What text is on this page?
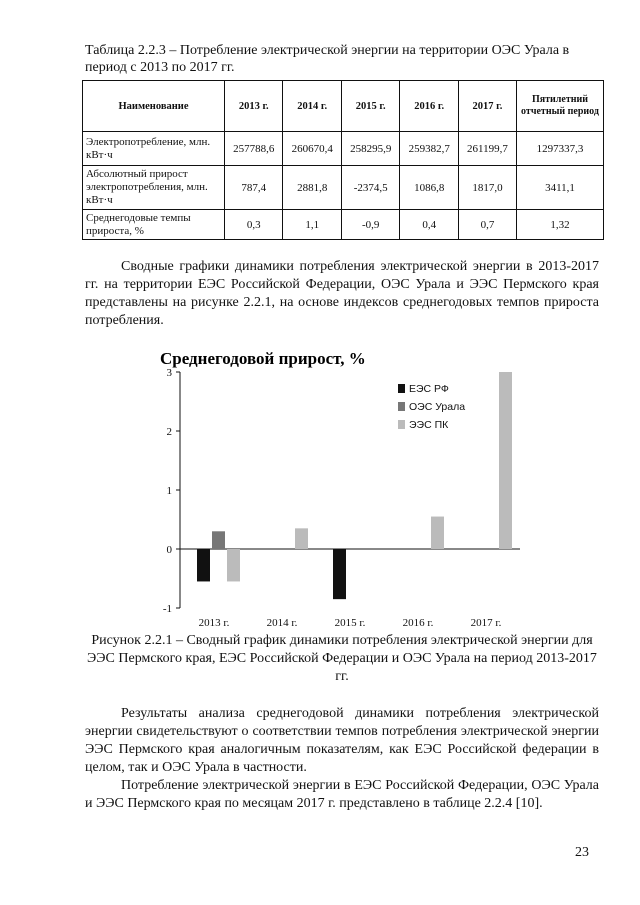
Таблица 2.2.3 – Потребление электрической энергии на территории ОЭС Урала в период с 2013 по 2017 гг.
Наименование	2013 г.	2014 г.	2015 г.	2016 г.	2017 г.	Пятилетний отчетный период
Электропотребление, млн. кВт·ч	257788,6	260670,4	258295,9	259382,7	261199,7	1297337,3
Абсолютный прирост электропотребления, млн. кВт·ч	787,4	2881,8	-2374,5	1086,8	1817,0	3411,1
Среднегодовые темпы прироста, %	0,3	1,1	-0,9	0,4	0,7	1,32
Сводные графики динамики потребления электрической энергии в 2013-2017 гг. на территории ЕЭС Российской Федерации, ОЭС Урала и ЭЭС Пермского края представлены на рисунке 2.2.1, на основе индексов среднегодовых темпов прироста потребления.
Среднегодовой прирост, %
3
2
1
0
-1
2013 г.	2014 г.	2015 г.	2016 г.	2017 г.
ЕЭС РФ
ОЭС Урала
ЭЭС ПК
Рисунок 2.2.1 – Сводный график динамики потребления электрической энергии для ЭЭС Пермского края, ЕЭС Российской Федерации и ОЭС Урала на период 2013-2017 гг.
Результаты анализа среднегодовой динамики потребления электрической энергии свидетельствуют о соответствии темпов потребления электрической энергии ЭЭС Пермского края аналогичным показателям, как ЕЭС Российской федерации в целом, так и ОЭС Урала в частности.
Потребление электрической энергии в ЕЭС Российской Федерации, ОЭС Урала и ЭЭС Пермского края по месяцам 2017 г. представлено в таблице 2.2.4 [10].
23
